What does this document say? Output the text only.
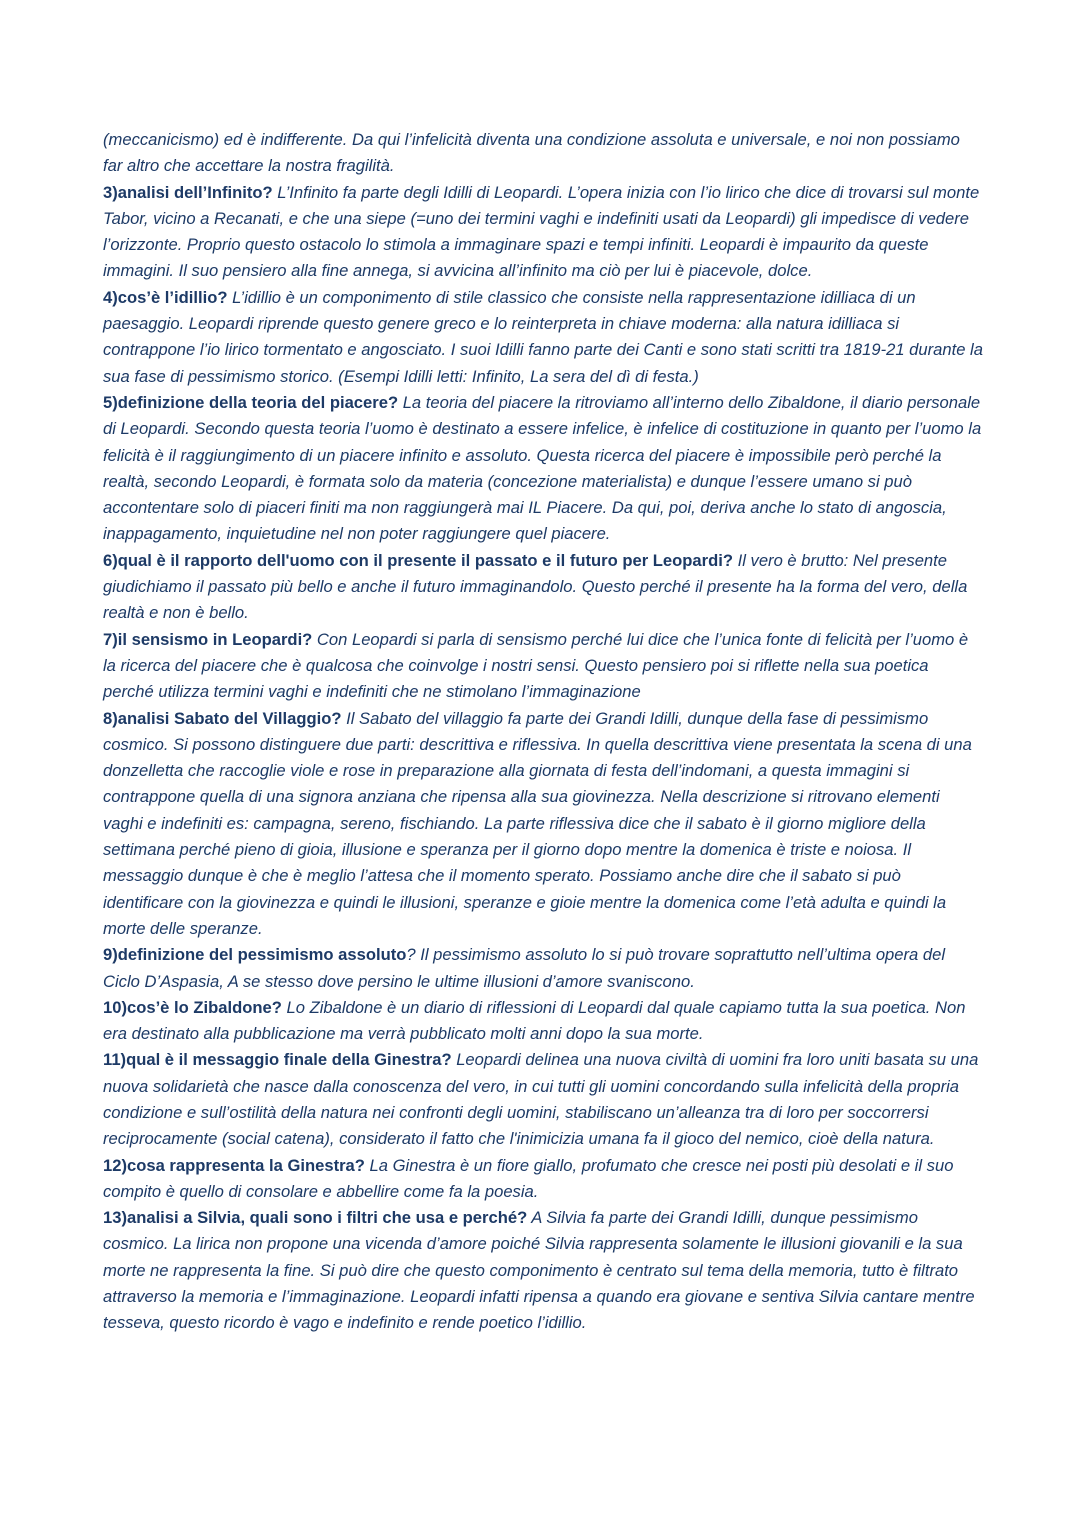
(meccanicismo) ed è indifferente. Da qui l’infelicità diventa una condizione assoluta e universale, e noi non possiamo far altro che accettare la nostra fragilità.

3)analisi dell’Infinito? L’Infinito fa parte degli Idilli di Leopardi. L’opera inizia con l’io lirico che dice di trovarsi sul monte Tabor, vicino a Recanati, e che una siepe (=uno dei termini vaghi e indefiniti usati da Leopardi) gli impedisce di vedere l’orizzonte. Proprio questo ostacolo lo stimola a immaginare spazi e tempi infiniti. Leopardi è impaurito da queste immagini. Il suo pensiero alla fine annega, si avvicina all’infinito ma ciò per lui è piacevole, dolce.

4)cos’è l’idillio? L’idillio è un componimento di stile classico che consiste nella rappresentazione idilliaca di un paesaggio. Leopardi riprende questo genere greco e lo reinterpreta in chiave moderna: alla natura idilliaca si contrappone l’io lirico tormentato e angosciato. I suoi Idilli fanno parte dei Canti e sono stati scritti tra 1819-21 durante la sua fase di pessimismo storico. (Esempi Idilli letti: Infinito, La sera del dì di festa.)

5)definizione della teoria del piacere? La teoria del piacere la ritroviamo all’interno dello Zibaldone, il diario personale di Leopardi. Secondo questa teoria l’uomo è destinato a essere infelice, è infelice di costituzione in quanto per l’uomo la felicità è il raggiungimento di un piacere infinito e assoluto. Questa ricerca del piacere è impossibile però perché la realtà, secondo Leopardi, è formata solo da materia (concezione materialista) e dunque l’essere umano si può accontentare solo di piaceri finiti ma non raggiungerà mai IL Piacere. Da qui, poi, deriva anche lo stato di angoscia, inappagamento, inquietudine nel non poter raggiungere quel piacere.

6)qual è il rapporto dell'uomo con il presente il passato e il futuro per Leopardi? Il vero è brutto: Nel presente giudichiamo il passato più bello e anche il futuro immaginandolo. Questo perché il presente ha la forma del vero, della realtà e non è bello.

7)il sensismo in Leopardi? Con Leopardi si parla di sensismo perché lui dice che l’unica fonte di felicità per l’uomo è la ricerca del piacere che è qualcosa che coinvolge i nostri sensi. Questo pensiero poi si riflette nella sua poetica perché utilizza termini vaghi e indefiniti che ne stimolano l’immaginazione

8)analisi Sabato del Villaggio? Il Sabato del villaggio fa parte dei Grandi Idilli, dunque della fase di pessimismo cosmico. Si possono distinguere due parti: descrittiva e riflessiva. In quella descrittiva viene presentata la scena di una donzelletta che raccoglie viole e rose in preparazione alla giornata di festa dell’indomani, a questa immagini si contrappone quella di una signora anziana che ripensa alla sua giovinezza. Nella descrizione si ritrovano elementi vaghi e indefiniti es: campagna, sereno, fischiando. La parte riflessiva dice che il sabato è il giorno migliore della settimana perché pieno di gioia, illusione e speranza per il giorno dopo mentre la domenica è triste e noiosa. Il messaggio dunque è che è meglio l’attesa che il momento sperato. Possiamo anche dire che il sabato si può identificare con la giovinezza e quindi le illusioni, speranze e gioie mentre la domenica come l’età adulta e quindi la morte delle speranze.

9)definizione del pessimismo assoluto? Il pessimismo assoluto lo si può trovare soprattutto nell’ultima opera del Ciclo D’Aspasia, A se stesso dove persino le ultime illusioni d’amore svaniscono.

10)cos’è lo Zibaldone? Lo Zibaldone è un diario di riflessioni di Leopardi dal quale capiamo tutta la sua poetica. Non era destinato alla pubblicazione ma verrà pubblicato molti anni dopo la sua morte.

11)qual è il messaggio finale della Ginestra? Leopardi delinea una nuova civiltà di uomini fra loro uniti basata su una nuova solidarietà che nasce dalla conoscenza del vero, in cui tutti gli uomini concordando sulla infelicità della propria condizione e sull’ostilità della natura nei confronti degli uomini, stabiliscano un’alleanza tra di loro per soccorrersi reciprocamente (social catena), considerato il fatto che l'inimicizia umana fa il gioco del nemico, cioè della natura.

12)cosa rappresenta la Ginestra? La Ginestra è un fiore giallo, profumato che cresce nei posti più desolati e il suo compito è quello di consolare e abbellire come fa la poesia.

13)analisi a Silvia, quali sono i filtri che usa e perché? A Silvia fa parte dei Grandi Idilli, dunque pessimismo cosmico. La lirica non propone una vicenda d’amore poiché Silvia rappresenta solamente le illusioni giovanili e la sua morte ne rappresenta la fine. Si può dire che questo componimento è centrato sul tema della memoria, tutto è filtrato attraverso la memoria e l’immaginazione. Leopardi infatti ripensa a quando era giovane e sentiva Silvia cantare mentre tesseva, questo ricordo è vago e indefinito e rende poetico l’idillio.
